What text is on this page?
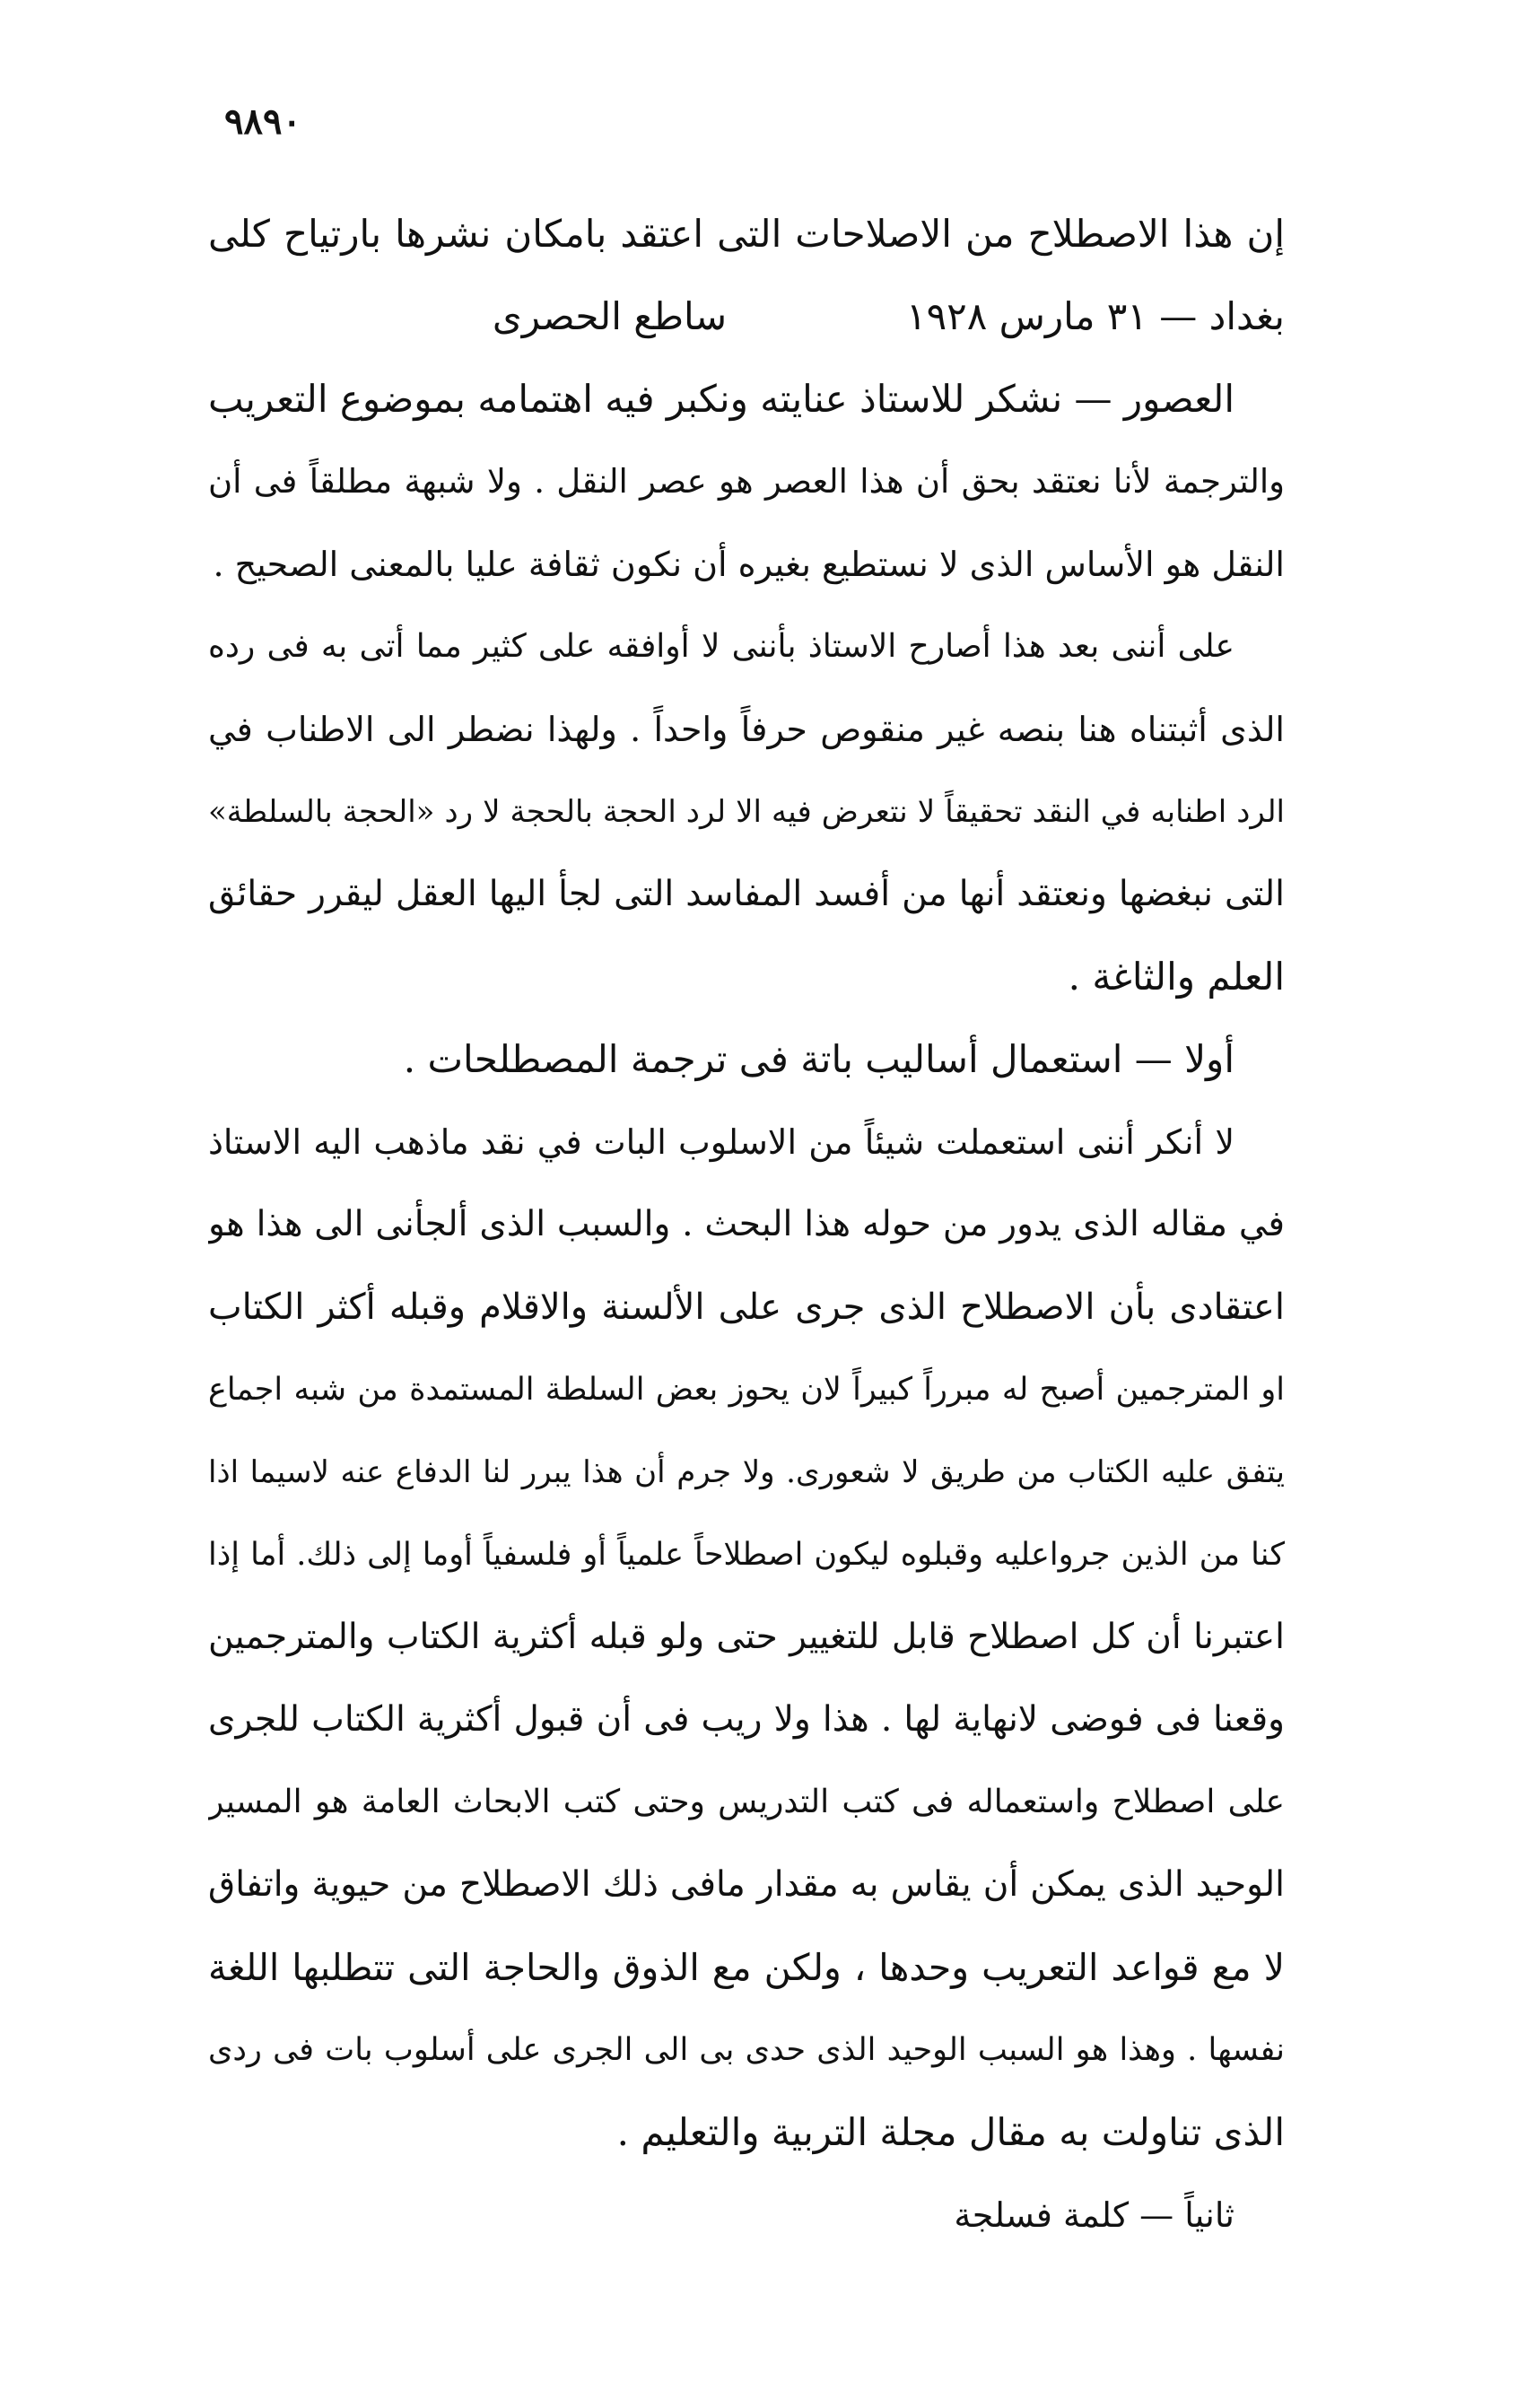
٩٨٩٠
إن هذا الاصطلاح من الاصلاحات التى اعتقد بامكان نشرها بارتياح كلى
بغداد — ٣١ مارس ١٩٢٨
ساطع الحصرى
العصور — نشكر للاستاذ عنايته ونكبر فيه اهتمامه بموضوع التعريب
والترجمة لأنا نعتقد بحق أن هذا العصر هو عصر النقل . ولا شبهة مطلقاً فى أن
النقل هو الأساس الذى لا نستطيع بغيره أن نكون ثقافة عليا بالمعنى الصحيح .
على أننى بعد هذا أصارح الاستاذ بأننى لا أوافقه على كثير مما أتى به فى رده
الذى أثبتناه هنا بنصه غير منقوص حرفاً واحداً . ولهذا نضطر الى الاطناب في
الرد اطنابه في النقد تحقيقاً لا نتعرض فيه الا لرد الحجة بالحجة لا رد «الحجة بالسلطة»
التى نبغضها ونعتقد أنها من أفسد المفاسد التى لجأ اليها العقل ليقرر حقائق
العلم والثاغة .
أولا — استعمال أساليب باتة فى ترجمة المصطلحات .
لا أنكر أننى استعملت شيئاً من الاسلوب البات في نقد ماذهب اليه الاستاذ
في مقاله الذى يدور من حوله هذا البحث . والسبب الذى ألجأنى الى هذا هو
اعتقادى بأن الاصطلاح الذى جرى على الألسنة والاقلام وقبله أكثر الكتاب
او المترجمين أصبح له مبرراً كبيراً لان يحوز بعض السلطة المستمدة من شبه اجماع
يتفق عليه الكتاب من طريق لا شعورى. ولا جرم أن هذا يبرر لنا الدفاع عنه لاسيما اذا
كنا من الذين جرواعليه وقبلوه ليكون اصطلاحاً علمياً أو فلسفياً أوما إلى ذلك. أما إذا
اعتبرنا أن كل اصطلاح قابل للتغيير حتى ولو قبله أكثرية الكتاب والمترجمين
وقعنا فى فوضى لانهاية لها . هذا ولا ريب فى أن قبول أكثرية الكتاب للجرى
على اصطلاح واستعماله فى كتب التدريس وحتى كتب الابحاث العامة هو المسير
الوحيد الذى يمكن أن يقاس به مقدار مافى ذلك الاصطلاح من حيوية واتفاق
لا مع قواعد التعريب وحدها ، ولكن مع الذوق والحاجة التى تتطلبها اللغة
نفسها . وهذا هو السبب الوحيد الذى حدى بى الى الجرى على أسلوب بات فى ردى
الذى تناولت به مقال مجلة التربية والتعليم .
ثانياً — كلمة فسلجة
